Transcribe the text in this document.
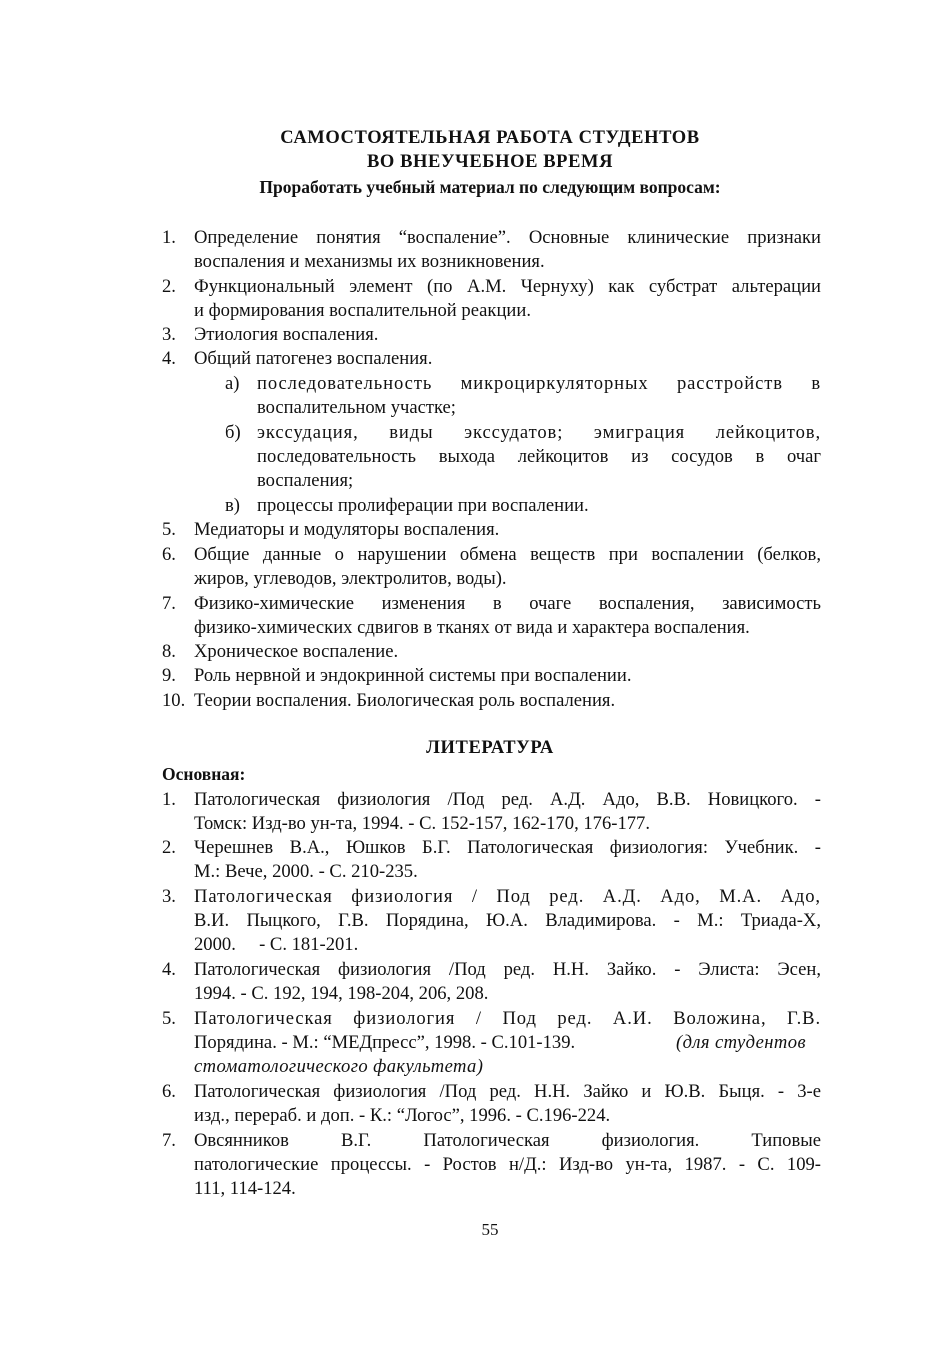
САМОСТОЯТЕЛЬНАЯ РАБОТА СТУДЕНТОВ
ВО ВНЕУЧЕБНОЕ ВРЕМЯ
Проработать учебный материал по следующим вопросам:
1. Определение понятия “воспаление”. Основные клинические признаки
воспаления и механизмы их возникновения.
2. Функциональный элемент (по А.М. Чернуху) как субстрат альтерации
и формирования воспалительной реакции.
3. Этиология воспаления.
4. Общий патогенез воспаления.
а) последовательность микроциркуляторных расстройств в
воспалительном участке;
б) экссудация, виды экссудатов; эмиграция лейкоцитов,
последовательность выхода лейкоцитов из сосудов в очаг
воспаления;
в) процессы пролиферации при воспалении.
5. Медиаторы и модуляторы воспаления.
6. Общие данные о нарушении обмена веществ при воспалении (белков,
жиров, углеводов, электролитов, воды).
7. Физико-химические изменения в очаге воспаления, зависимость
физико-химических сдвигов в тканях от вида и характера воспаления.
8. Хроническое воспаление.
9. Роль нервной и эндокринной системы при воспалении.
10. Теории воспаления. Биологическая роль воспаления.
ЛИТЕРАТУРА
Основная:
1. Патологическая физиология /Под ред. А.Д. Адо, В.В. Новицкого. -
Томск: Изд-во ун-та, 1994. - С. 152-157, 162-170, 176-177.
2. Черешнев В.А., Юшков Б.Г. Патологическая физиология: Учебник. -
М.: Вече, 2000. - С. 210-235.
3. Патологическая физиология / Под ред. А.Д. Адо, М.А. Адо,
В.И. Пыцкого, Г.В. Порядина, Ю.А. Владимирова. - М.: Триада-Х,
2000.     - С. 181-201.
4. Патологическая физиология /Под ред. Н.Н. Зайко. - Элиста: Эсен,
1994. - С. 192, 194, 198-204, 206, 208.
5. Патологическая физиология / Под ред. А.И. Воложина, Г.В.
Порядина. - М.: “МЕДпресс”, 1998. - С.101-139.	(для студентов
стоматологического факультета)
6. Патологическая физиология /Под ред. Н.Н. Зайко и Ю.В. Быця. - 3-е
изд., перераб. и доп. - К.: “Логос”, 1996. - С.196-224.
7. Овсянников В.Г. Патологическая физиология. Типовые
патологические процессы. - Ростов н/Д.: Изд-во ун-та, 1987. - С. 109-
111, 114-124.
55
